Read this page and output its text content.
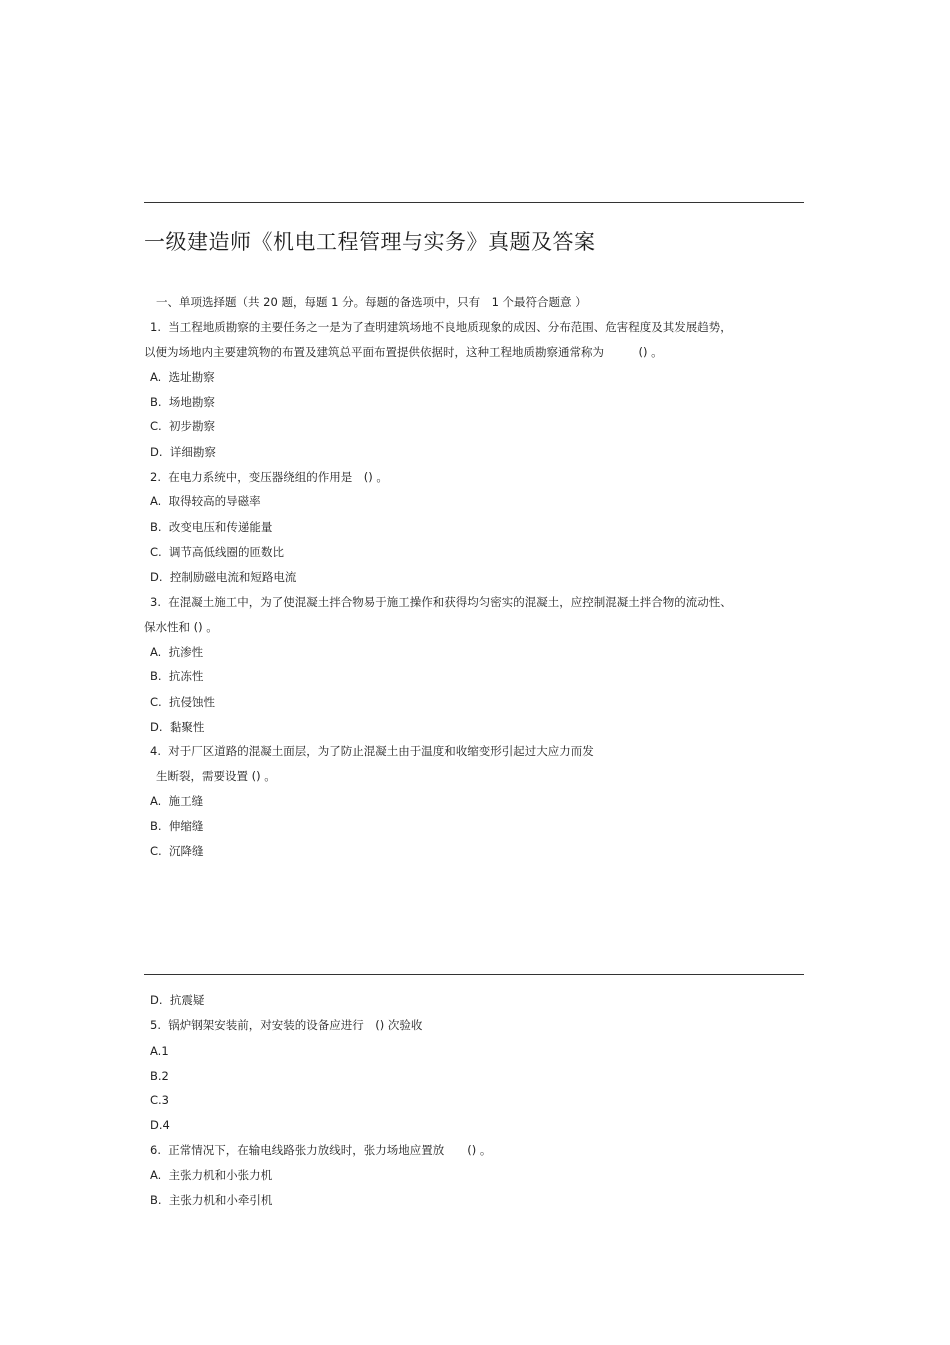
一级建造师《机电工程管理与实务》真题及答案
一、单项选择题（共 20 题，每题 1 分。每题的备选项中，只有　1 个最符合题意 ）
1.  当工程地质勘察的主要任务之一是为了查明建筑场地不良地质现象的成因、分布范围、危害程度及其发展趋势，
以便为场地内主要建筑物的布置及建筑总平面布置提供依据时，这种工程地质勘察通常称为　　　() 。
A.  选址勘察
B.  场地勘察
C.  初步勘察
D.  详细勘察
2.  在电力系统中，变压器绕组的作用是　() 。
A.  取得较高的导磁率
B.  改变电压和传递能量
C.  调节高低线圈的匝数比
D.  控制励磁电流和短路电流
3.  在混凝土施工中，为了使混凝土拌合物易于施工操作和获得均匀密实的混凝土，应控制混凝土拌合物的流动性、
保水性和 () 。
A.  抗渗性
B.  抗冻性
C.  抗侵蚀性
D.  黏聚性
4.  对于厂区道路的混凝土面层，为了防止混凝土由于温度和收缩变形引起过大应力而发
生断裂，需要设置 () 。
A.  施工缝
B.  伸缩缝
C.  沉降缝
D.  抗震疑
5.  锅炉钢架安装前，对安装的设备应进行　() 次验收
A.1
B.2
C.3
D.4
6.  正常情况下，在输电线路张力放线时，张力场地应置放　　() 。
A.  主张力机和小张力机
B.  主张力机和小牵引机
